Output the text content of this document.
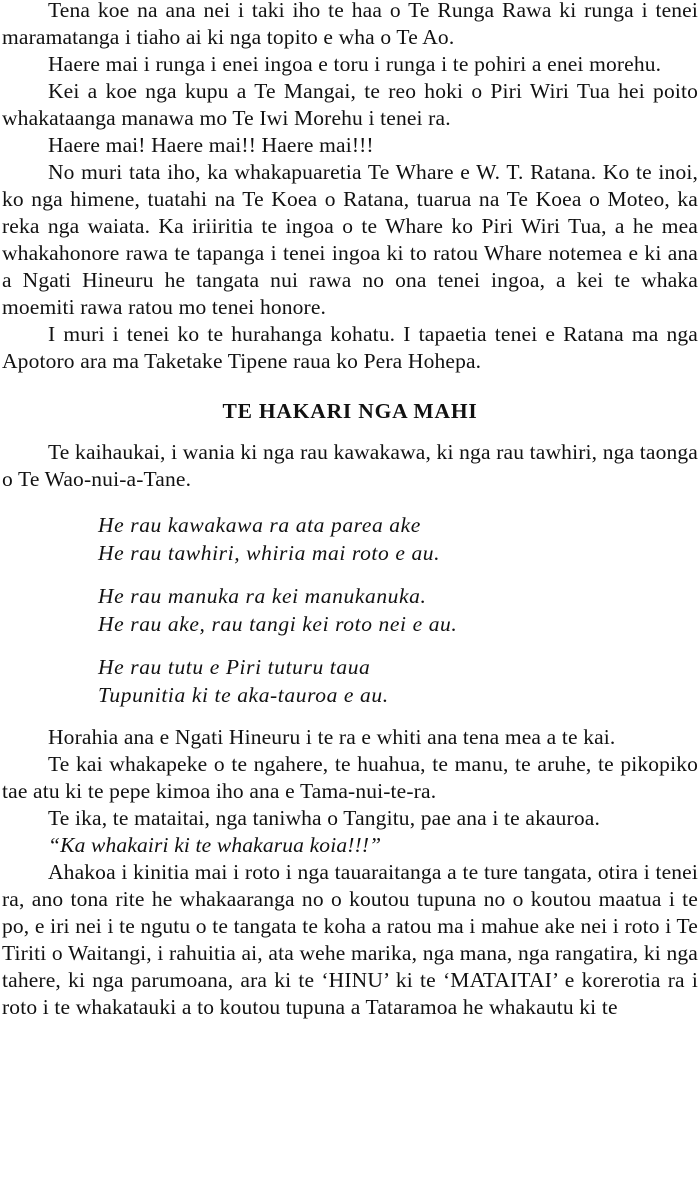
Tena koe na ana nei i taki iho te haa o Te Runga Rawa ki runga i tenei maramatanga i tiaho ai ki nga topito e wha o Te Ao.

Haere mai i runga i enei ingoa e toru i runga i te pohiri a enei morehu.

Kei a koe nga kupu a Te Mangai, te reo hoki o Piri Wiri Tua hei poito whakataanga manawa mo Te Iwi Morehu i tenei ra.

Haere mai! Haere mai!! Haere mai!!!

No muri tata iho, ka whakapuaretia Te Whare e W. T. Ratana. Ko te inoi, ko nga himene, tuatahi na Te Koea o Ratana, tuarua na Te Koea o Moteo, ka reka nga waiata. Ka iriiritia te ingoa o te Whare ko Piri Wiri Tua, a he mea whakahonore rawa te tapanga i tenei ingoa ki to ratou Whare notemea e ki ana a Ngati Hineuru he tangata nui rawa no ona tenei ingoa, a kei te whaka moemiti rawa ratou mo tenei honore.

I muri i tenei ko te hurahanga kohatu. I tapaetia tenei e Ratana ma nga Apotoro ara ma Taketake Tipene raua ko Pera Hohepa.

TE HAKARI NGA MAHI

Te kaihaukai, i wania ki nga rau kawakawa, ki nga rau tawhiri, nga taonga o Te Wao-nui-a-Tane.

He rau kawakawa ra ata parea ake
He rau tawhiri, whiria mai roto e au.
He rau manuka ra kei manukanuka.
He rau ake, rau tangi kei roto nei e au.
He rau tutu e Piri tuturu taua
Tupunitia ki te aka-tauroa e au.

Horahia ana e Ngati Hineuru i te ra e whiti ana tena mea a te kai.

Te kai whakapeke o te ngahere, te huahua, te manu, te aruhe, te pikopiko tae atu ki te pepe kimoa iho ana e Tama-nui-te-ra.

Te ika, te mataitai, nga taniwha o Tangitu, pae ana i te akauroa.

“Ka whakairi ki te whakarua koia!!!”

Ahakoa i kinitia mai i roto i nga tauaraitanga a te ture tangata, otira i tenei ra, ano tona rite he whakaaranga no o koutou tupuna no o koutou maatua i te po, e iri nei i te ngutu o te tangata te koha a ratou ma i mahue ake nei i roto i Te Tiriti o Waitangi, i rahuitia ai, ata wehe marika, nga mana, nga rangatira, ki nga tahere, ki nga parumoana, ara ki te ‘HINU’ ki te ‘MATAITAI’ e korerotia ra i roto i te whakatauki a to koutou tupuna a Tataramoa he whakautu ki te
